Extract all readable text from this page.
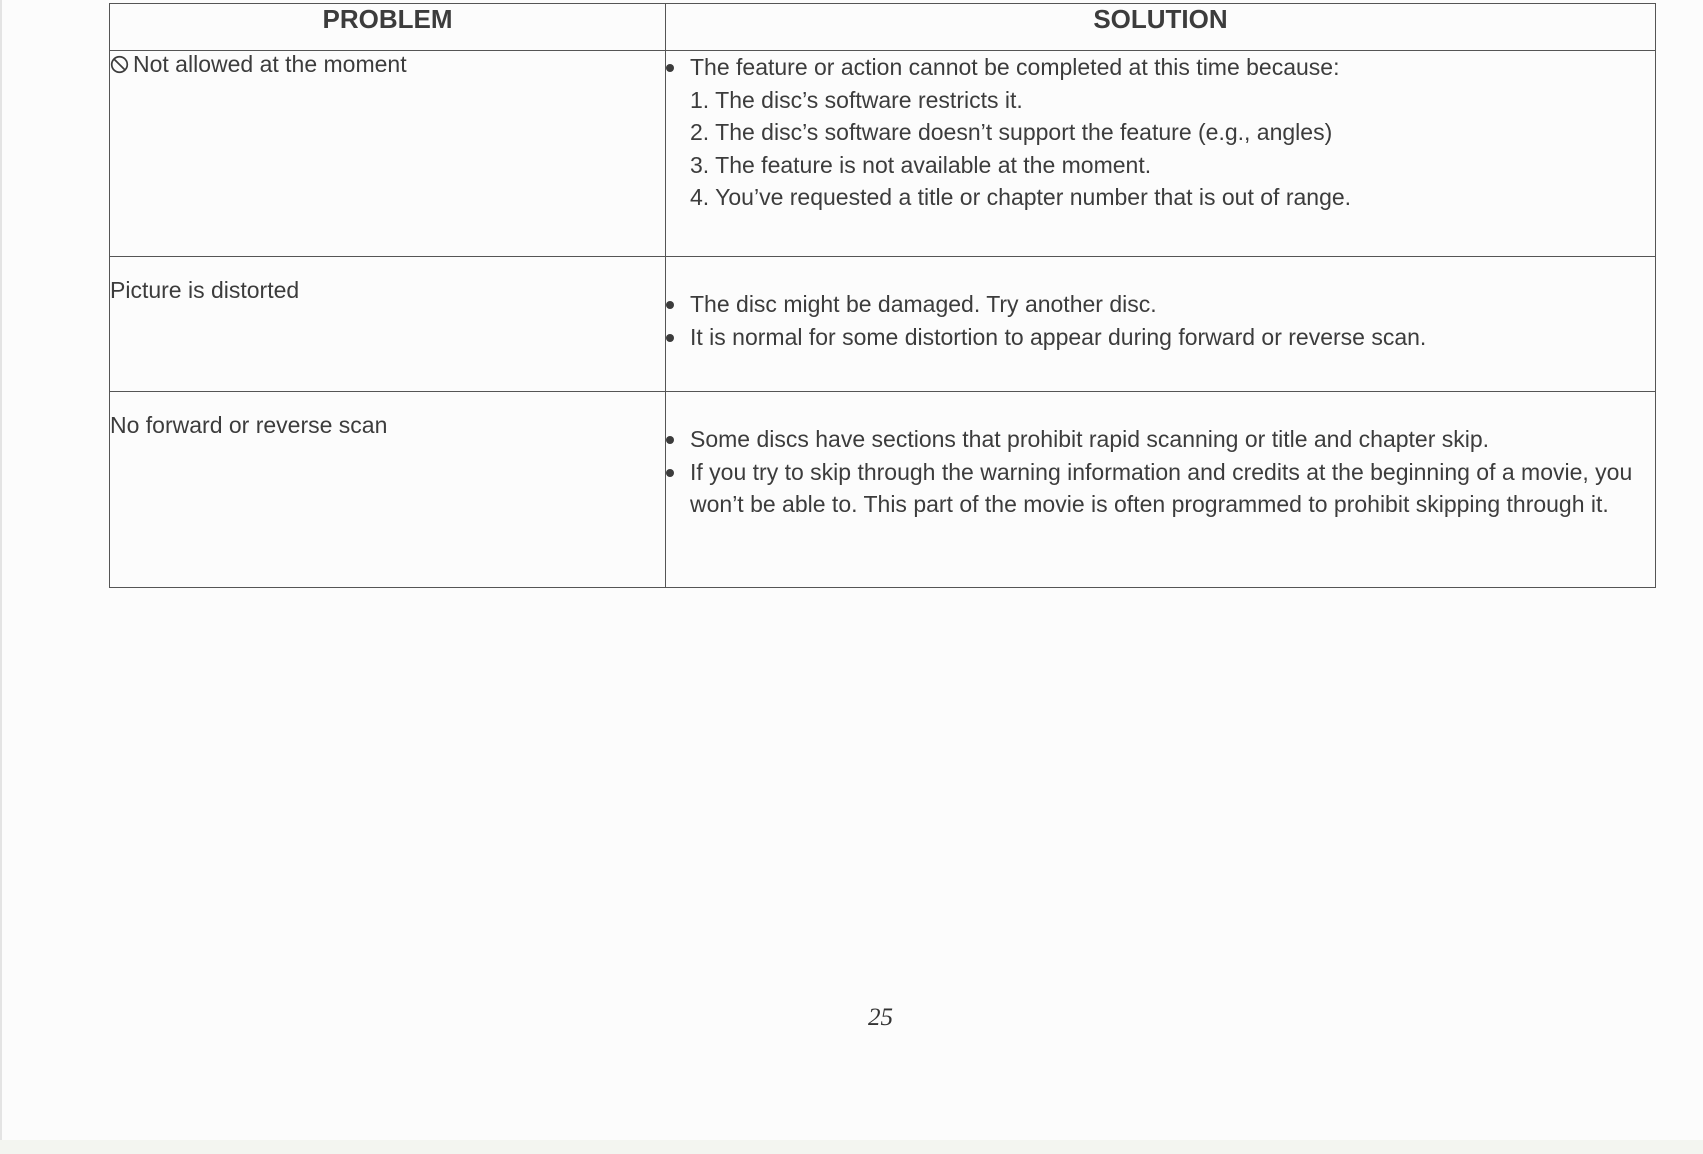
PROBLEM	SOLUTION
Not allowed at the moment	The feature or action cannot be completed at this time because:
1. The disc’s software restricts it.
2. The disc’s software doesn’t support the feature (e.g., angles)
3. The feature is not available at the moment.
4. You’ve requested a title or chapter number that is out of range.

Picture is distorted	The disc might be damaged. Try another disc.
It is normal for some distortion to appear during forward or reverse scan.

No forward or reverse scan	Some discs have sections that prohibit rapid scanning or title and chapter skip.
If you try to skip through the warning information and credits at the beginning of a movie, you won’t be able to. This part of the movie is often programmed to prohibit skipping through it.
25
